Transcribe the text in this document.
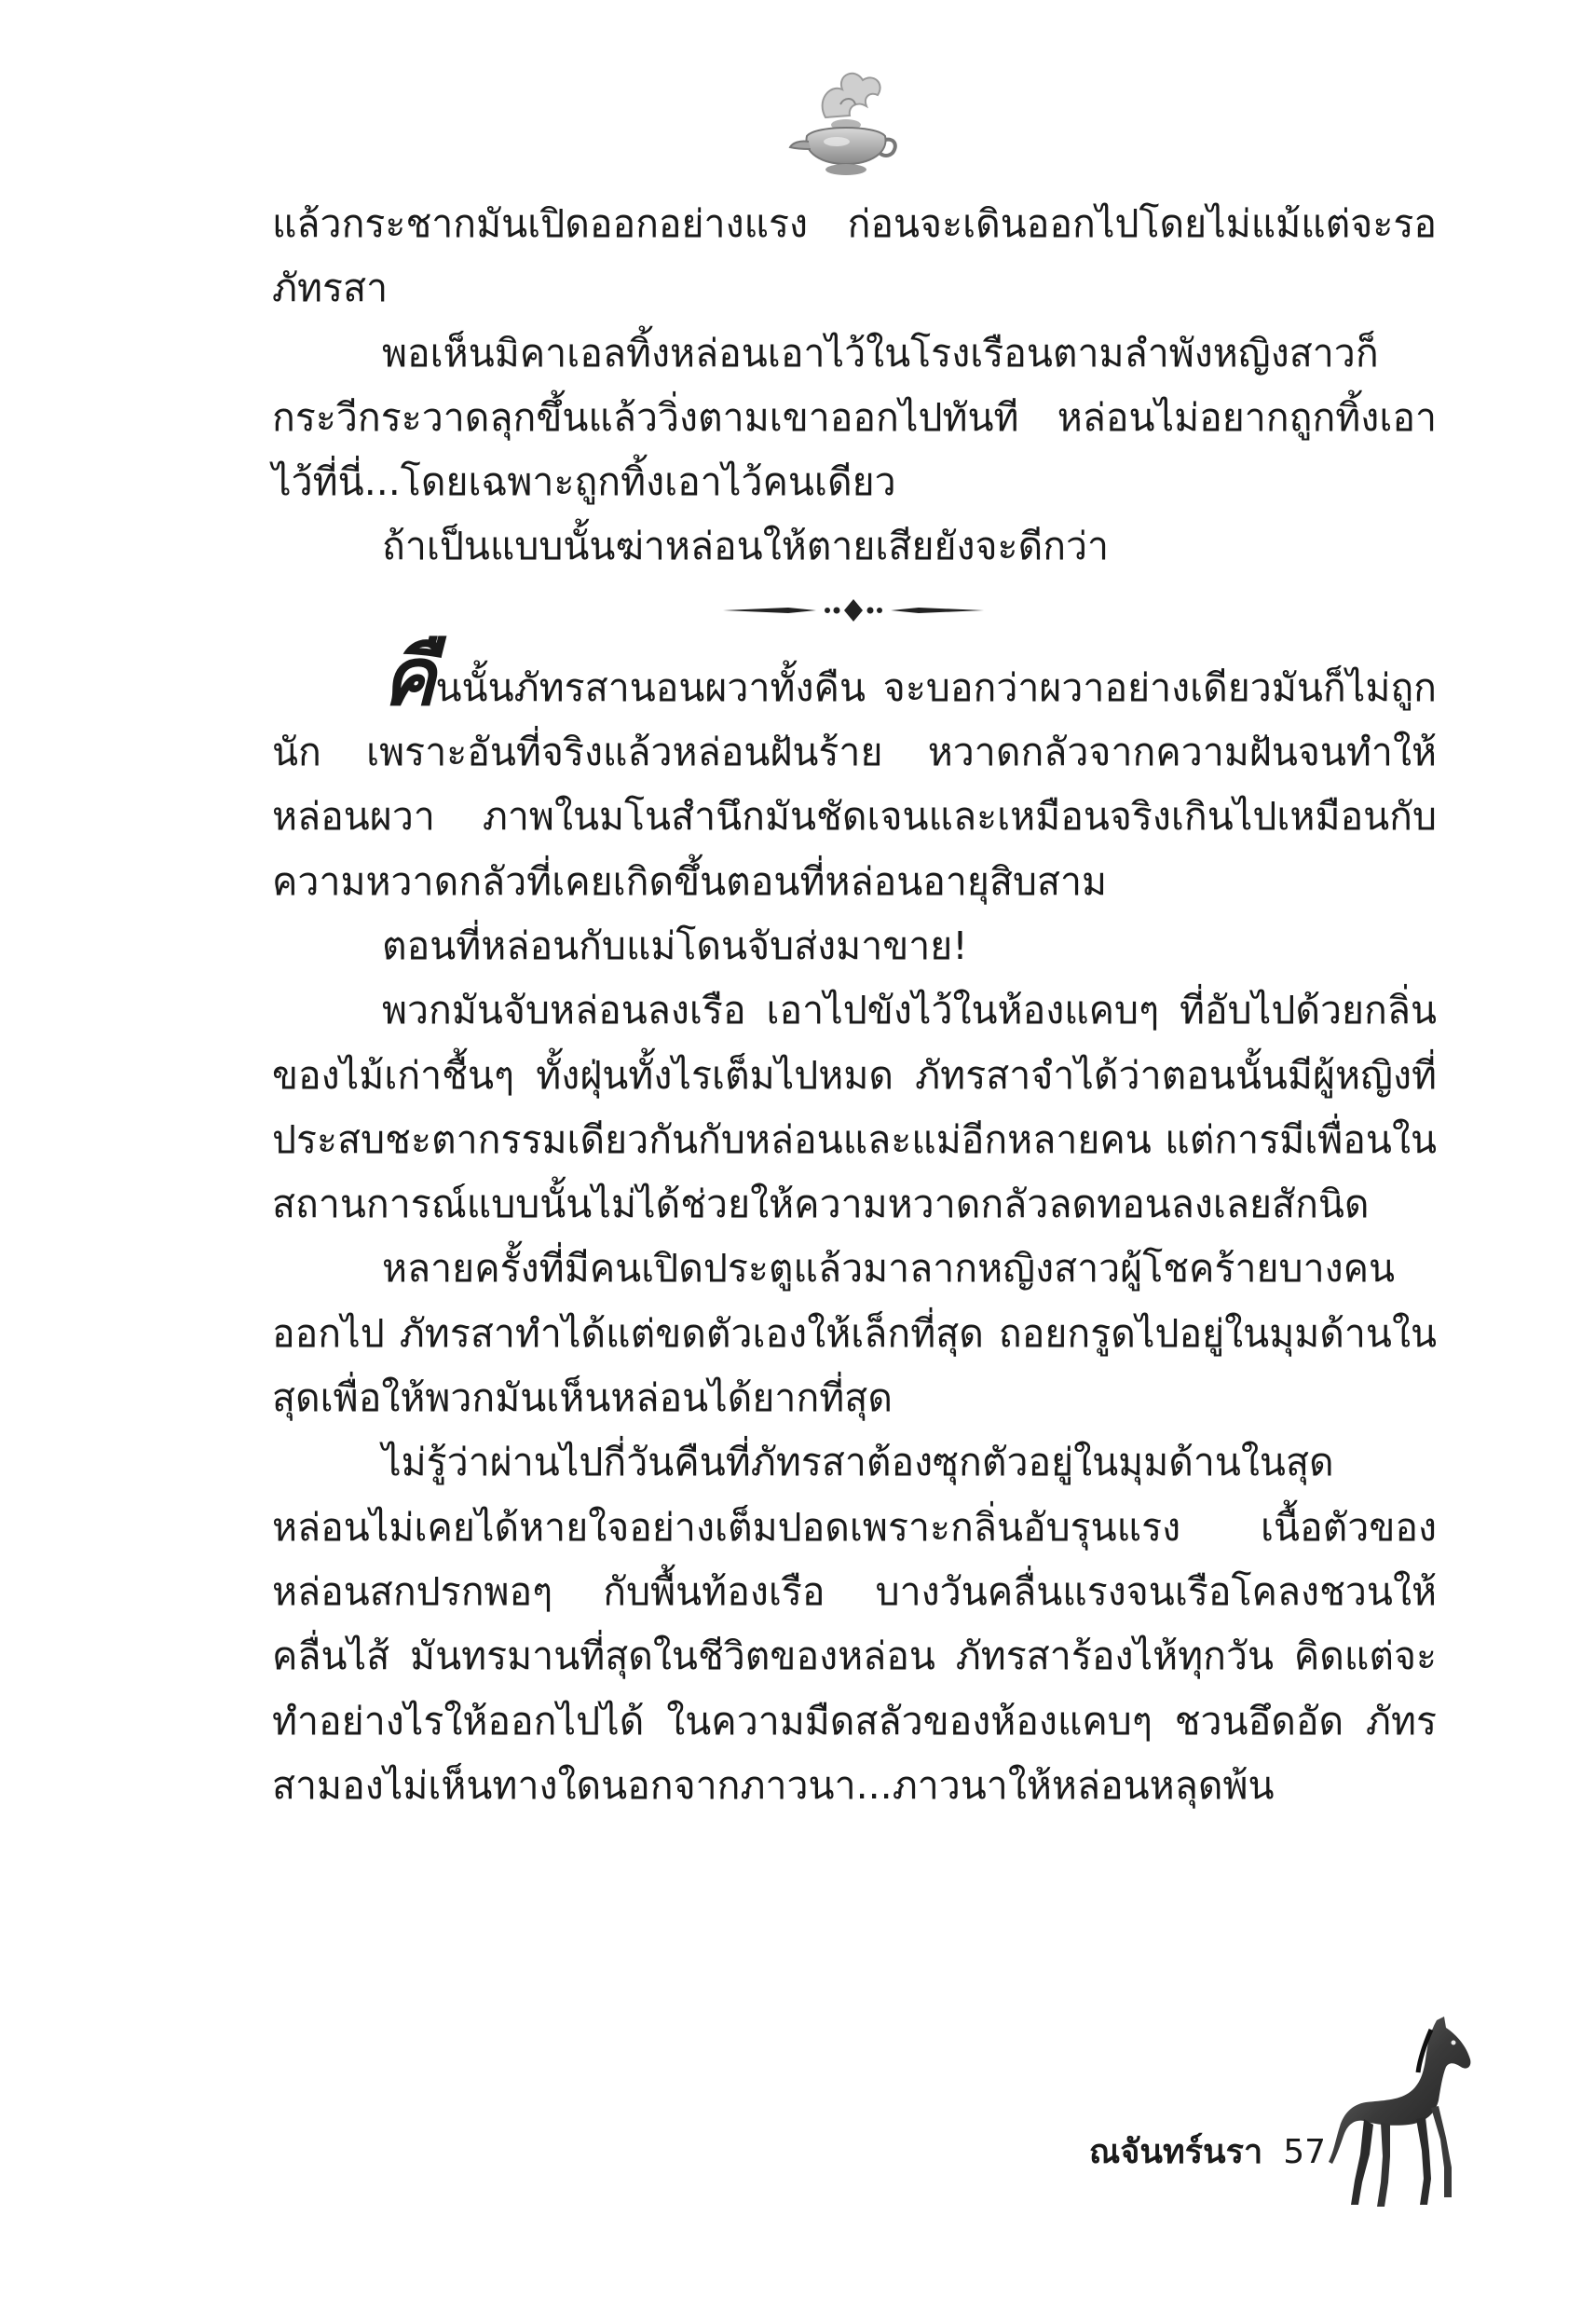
แล้วกระชากมันเปิดออกอย่างแรง ก่อนจะเดินออกไปโดยไม่แม้แต่จะรอภัทรสา

พอเห็นมิคาเอลทิ้งหล่อนเอาไว้ในโรงเรือนตามลำพังหญิงสาวก็กระวีกระวาดลุกขึ้นแล้ววิ่งตามเขาออกไปทันที หล่อนไม่อยากถูกทิ้งเอาไว้ที่นี่...โดยเฉพาะถูกทิ้งเอาไว้คนเดียว

ถ้าเป็นแบบนั้นฆ่าหล่อนให้ตายเสียยังจะดีกว่า

คืนนั้นภัทรสานอนผวาทั้งคืน จะบอกว่าผวาอย่างเดียวมันก็ไม่ถูกนัก เพราะอันที่จริงแล้วหล่อนฝันร้าย หวาดกลัวจากความฝันจนทำให้หล่อนผวา ภาพในมโนสำนึกมันชัดเจนและเหมือนจริงเกินไปเหมือนกับความหวาดกลัวที่เคยเกิดขึ้นตอนที่หล่อนอายุสิบสาม

ตอนที่หล่อนกับแม่โดนจับส่งมาขาย!

พวกมันจับหล่อนลงเรือ เอาไปขังไว้ในห้องแคบๆ ที่อับไปด้วยกลิ่นของไม้เก่าชื้นๆ ทั้งฝุ่นทั้งไรเต็มไปหมด ภัทรสาจำได้ว่าตอนนั้นมีผู้หญิงที่ประสบชะตากรรมเดียวกันกับหล่อนและแม่อีกหลายคน แต่การมีเพื่อนในสถานการณ์แบบนั้นไม่ได้ช่วยให้ความหวาดกลัวลดทอนลงเลยสักนิด

หลายครั้งที่มีคนเปิดประตูแล้วมาลากหญิงสาวผู้โชคร้ายบางคนออกไป ภัทรสาทำได้แต่ขดตัวเองให้เล็กที่สุด ถอยกรูดไปอยู่ในมุมด้านในสุดเพื่อให้พวกมันเห็นหล่อนได้ยากที่สุด

ไม่รู้ว่าผ่านไปกี่วันคืนที่ภัทรสาต้องซุกตัวอยู่ในมุมด้านในสุด หล่อนไม่เคยได้หายใจอย่างเต็มปอดเพราะกลิ่นอับรุนแรง เนื้อตัวของหล่อนสกปรกพอๆ กับพื้นท้องเรือ บางวันคลื่นแรงจนเรือโคลงชวนให้คลื่นไส้ มันทรมานที่สุดในชีวิตของหล่อน ภัทรสาร้องไห้ทุกวัน คิดแต่จะทำอย่างไรให้ออกไปได้ ในความมืดสลัวของห้องแคบๆ ชวนอึดอัด ภัทรสามองไม่เห็นทางใดนอกจากภาวนา...ภาวนาให้หล่อนหลุดพ้น

ณจันทร์นรา 57
